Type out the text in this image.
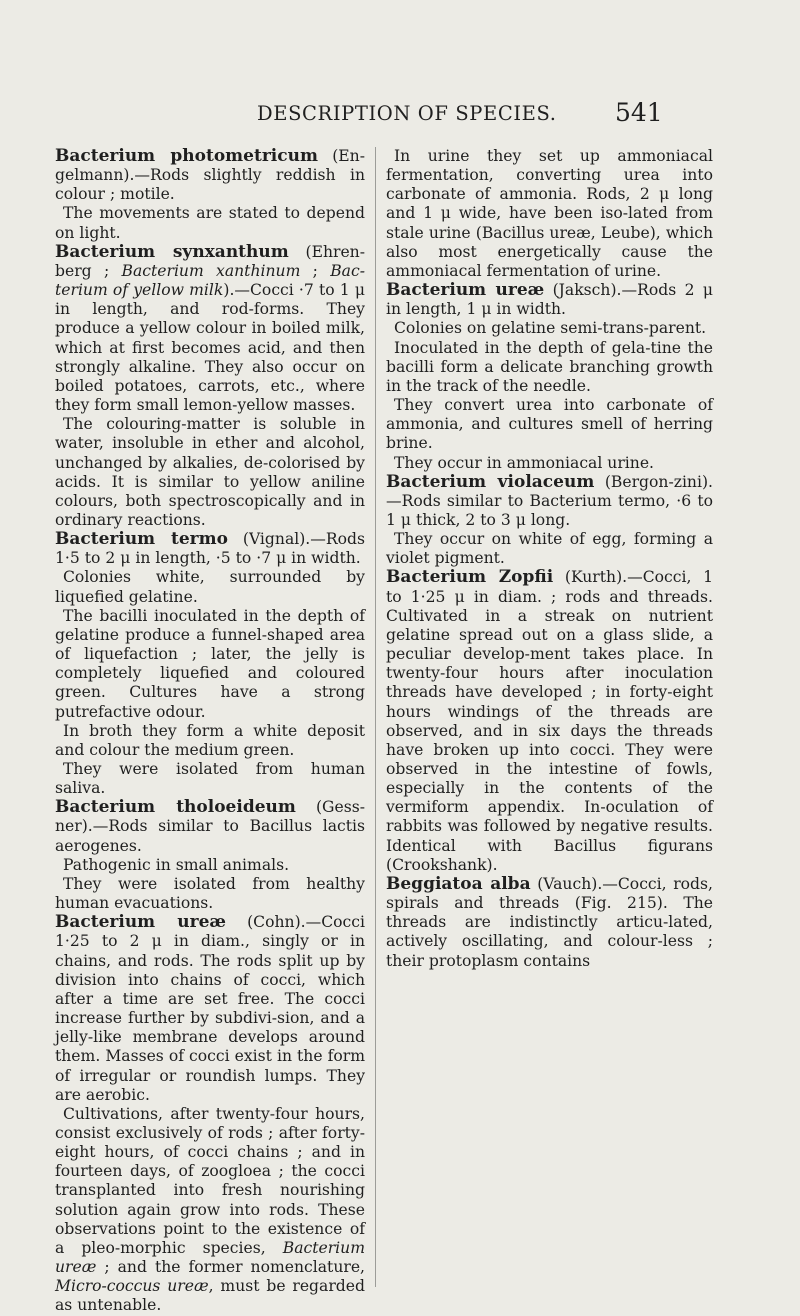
DESCRIPTION OF SPECIES. 541

Bacterium photometricum (En-gelmann).—Rods slightly reddish in colour ; motile.

The movements are stated to depend on light.

Bacterium synxanthum (Ehren-berg ; Bacterium xanthinum ; Bac-terium of yellow milk).—Cocci ·7 to 1 μ in length, and rod-forms. They produce a yellow colour in boiled milk, which at first becomes acid, and then strongly alkaline. They also occur on boiled potatoes, carrots, etc., where they form small lemon-yellow masses.

The colouring-matter is soluble in water, insoluble in ether and alcohol, unchanged by alkalies, de-colorised by acids. It is similar to yellow aniline colours, both spectroscopically and in ordinary reactions.

Bacterium termo (Vignal).—Rods 1·5 to 2 μ in length, ·5 to ·7 μ in width.

Colonies white, surrounded by liquefied gelatine.

The bacilli inoculated in the depth of gelatine produce a funnel-shaped area of liquefaction ; later, the jelly is completely liquefied and coloured green. Cultures have a strong putrefactive odour.

In broth they form a white deposit and colour the medium green.

They were isolated from human saliva.

Bacterium tholoeideum (Gess-ner).—Rods similar to Bacillus lactis aerogenes.

Pathogenic in small animals.

They were isolated from healthy human evacuations.

Bacterium ureæ (Cohn).—Cocci 1·25 to 2 μ in diam., singly or in chains, and rods. The rods split up by division into chains of cocci, which after a time are set free. The cocci increase further by subdivi-sion, and a jelly-like membrane develops around them. Masses of cocci exist in the form of irregular or roundish lumps. They are aerobic.

Cultivations, after twenty-four hours, consist exclusively of rods ; after forty-eight hours, of cocci chains ; and in fourteen days, of zoogloea ; the cocci transplanted into fresh nourishing solution again grow into rods. These observations point to the existence of a pleo-morphic species, Bacterium ureæ ; and the former nomenclature, Micro-coccus ureæ, must be regarded as untenable.

In urine they set up ammoniacal fermentation, converting urea into carbonate of ammonia. Rods, 2 μ long and 1 μ wide, have been iso-lated from stale urine (Bacillus ureæ, Leube), which also most energetically cause the ammoniacal fermentation of urine.

Bacterium ureæ (Jaksch).—Rods 2 μ in length, 1 μ in width.

Colonies on gelatine semi-trans-parent.

Inoculated in the depth of gela-tine the bacilli form a delicate branching growth in the track of the needle.

They convert urea into carbonate of ammonia, and cultures smell of herring brine.

They occur in ammoniacal urine.

Bacterium violaceum (Bergon-zini).—Rods similar to Bacterium termo, ·6 to 1 μ thick, 2 to 3 μ long.

They occur on white of egg, forming a violet pigment.

Bacterium Zopfii (Kurth).—Cocci, 1 to 1·25 μ in diam. ; rods and threads. Cultivated in a streak on nutrient gelatine spread out on a glass slide, a peculiar develop-ment takes place. In twenty-four hours after inoculation threads have developed ; in forty-eight hours windings of the threads are observed, and in six days the threads have broken up into cocci. They were observed in the intestine of fowls, especially in the contents of the vermiform appendix. In-oculation of rabbits was followed by negative results. Identical with Bacillus figurans (Crookshank).

Beggiatoa alba (Vauch).—Cocci, rods, spirals and threads (Fig. 215). The threads are indistinctly articu-lated, actively oscillating, and colour-less ; their protoplasm contains
